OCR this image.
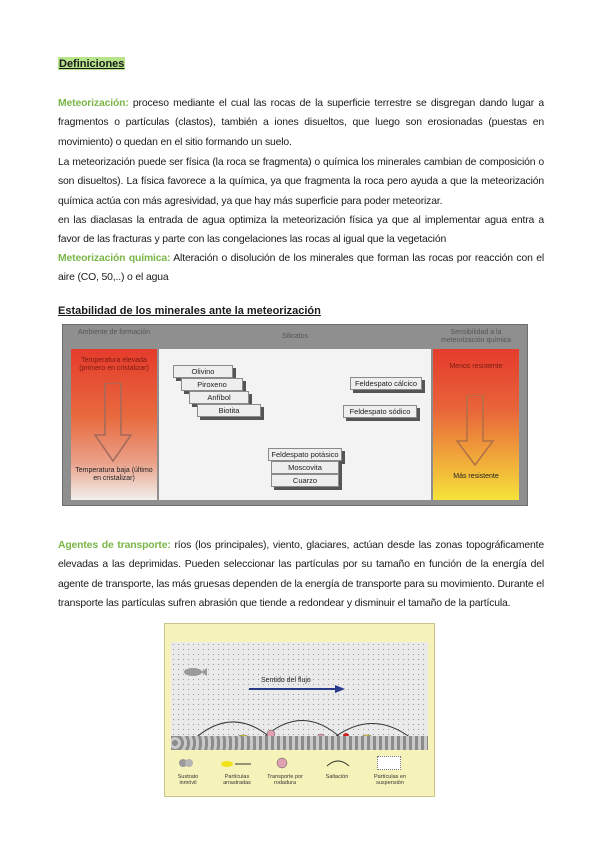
Definiciones
Meteorización: proceso mediante el cual las rocas de la superficie terrestre se disgregan dando lugar a fragmentos o partículas (clastos), también a iones disueltos, que luego son erosionadas (puestas en movimiento) o quedan en el sitio formando un suelo.
La meteorización puede ser física (la roca se fragmenta) o química los minerales cambian de composición o son disueltos). La física favorece a la química, ya que fragmenta la roca pero ayuda a que la meteorización química actúa con más agresividad, ya que hay más superficie para poder meteorizar.
en las diaclasas la entrada de agua optimiza la meteorización física ya que al implementar agua entra a favor de las fracturas y parte con las congelaciones las rocas al igual que la vegetación
Meteorización química: Alteración o disolución de los minerales que forman las rocas por reacción con el aire (CO, 50,..) o el agua
Estabilidad de los minerales ante la meteorización
Ambiente de formación
Silicatos
Sensibilidad a la meteorización química
Temperatura elevada (primero en cristalizar)
Temperatura baja (último en cristalizar)
Menos resistente
Más resistente
Olivino
Piroxeno
Anfíbol
Biotita
Feldespato cálcico
Feldespato sódico
Feldespato potásico
Moscovita
Cuarzo
Agentes de transporte: ríos (los principales), viento, glaciares, actúan desde las zonas topográficamente elevadas a las deprimidas. Pueden seleccionar las partículas por su tamaño en función de la energía del agente de transporte, las más gruesas dependen de la energía de transporte para su movimiento. Durante el transporte las partículas sufren abrasión que tiende a redondear y disminuir el tamaño de la partícula.
TRANSPORTE DE PARTÍCULAS
Sentido del flujo
Sustrato inmóvil
Partículas arrastradas
Transporte por rodadura
Saltación	Partículas en suspensión
